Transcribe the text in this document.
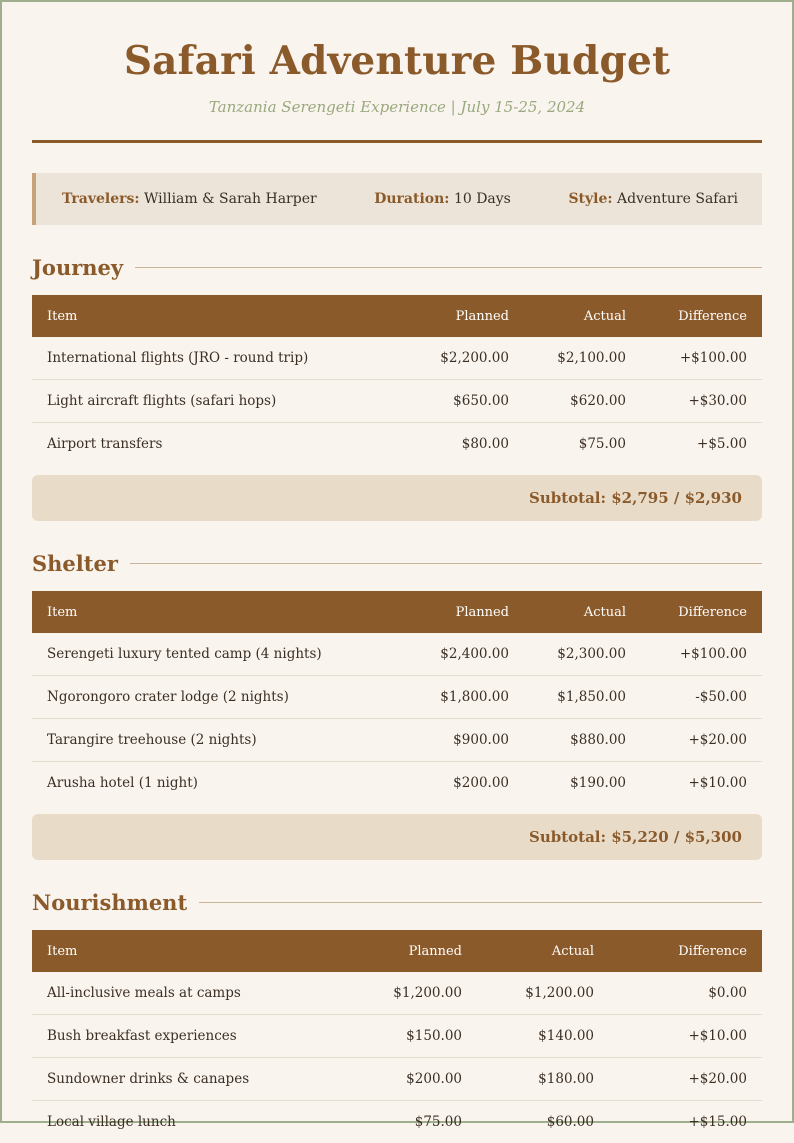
Safari Adventure Budget
Tanzania Serengeti Experience | July 15-25, 2024
Travelers: William & Sarah Harper	Duration: 10 Days	Style: Adventure Safari
Journey
Item	Planned	Actual	Difference
International flights (JRO - round trip)	$2,200.00	$2,100.00	+$100.00
Light aircraft flights (safari hops)	$650.00	$620.00	+$30.00
Airport transfers	$80.00	$75.00	+$5.00
Subtotal: $2,795 / $2,930
Shelter
Item	Planned	Actual	Difference
Serengeti luxury tented camp (4 nights)	$2,400.00	$2,300.00	+$100.00
Ngorongoro crater lodge (2 nights)	$1,800.00	$1,850.00	-$50.00
Tarangire treehouse (2 nights)	$900.00	$880.00	+$20.00
Arusha hotel (1 night)	$200.00	$190.00	+$10.00
Subtotal: $5,220 / $5,300
Nourishment
Item	Planned	Actual	Difference
All-inclusive meals at camps	$1,200.00	$1,200.00	$0.00
Bush breakfast experiences	$150.00	$140.00	+$10.00
Sundowner drinks & canapes	$200.00	$180.00	+$20.00
Local village lunch	$75.00	$60.00	+$15.00
